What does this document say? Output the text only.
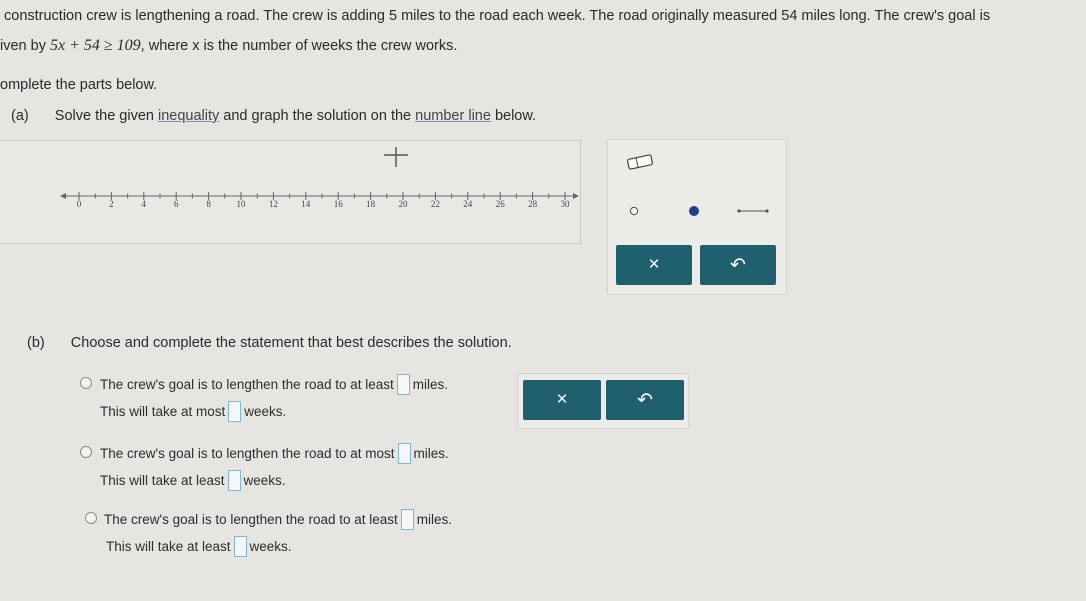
construction crew is lengthening a road. The crew is adding 5 miles to the road each week. The road originally measured 54 miles long. The crew's goal is
iven by 5x + 54 ≥ 109, where x is the number of weeks the crew works.
omplete the parts below.
(a) Solve the given inequality and graph the solution on the number line below.
0	2	4	6	8	10	12	14	16	18	20	22	24	26	28	30
×	↶
(b) Choose and complete the statement that best describes the solution.
The crew's goal is to lengthen the road to at least miles.
This will take at most weeks.
The crew's goal is to lengthen the road to at most miles.
This will take at least weeks.
The crew's goal is to lengthen the road to at least miles.
This will take at least weeks.
×	↶
